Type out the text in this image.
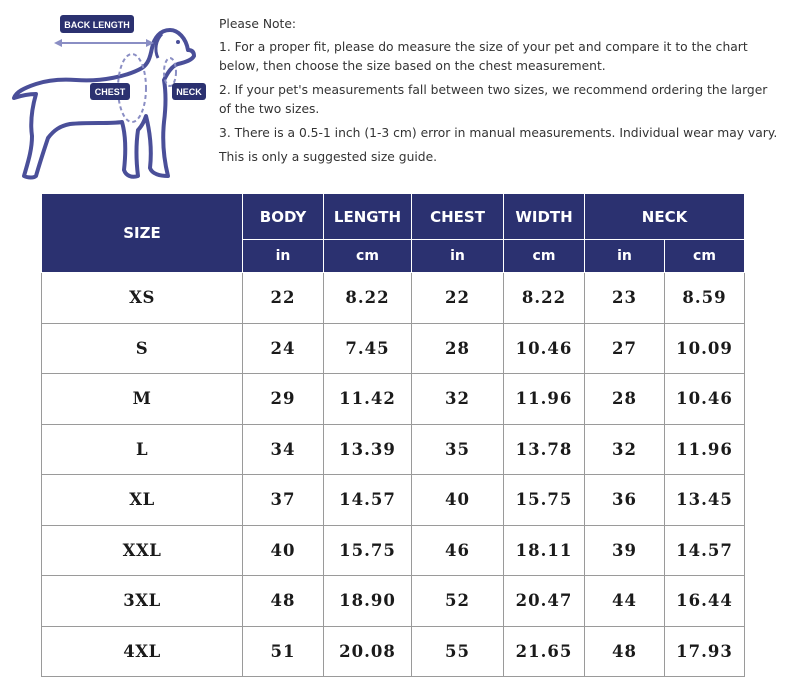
BACK LENGTH
CHEST	NECK

Please Note:

1. For a proper fit, please do measure the size of your pet and compare it to the chart below, then choose the size based on the chest measurement.

2. If your pet's measurements fall between two sizes, we recommend ordering the larger of the two sizes.

3. There is a 0.5-1 inch (1-3 cm) error in manual measurements. Individual wear may vary.

This is only a suggested size guide.

SIZE	BODY	LENGTH	CHEST	WIDTH	NECK	
	in	cm	in	cm	in	cm
XS	22	8.22	22	8.22	23	8.59
S	24	7.45	28	10.46	27	10.09
M	29	11.42	32	11.96	28	10.46
L	34	13.39	35	13.78	32	11.96
XL	37	14.57	40	15.75	36	13.45
XXL	40	15.75	46	18.11	39	14.57
3XL	48	18.90	52	20.47	44	16.44
4XL	51	20.08	55	21.65	48	17.93
